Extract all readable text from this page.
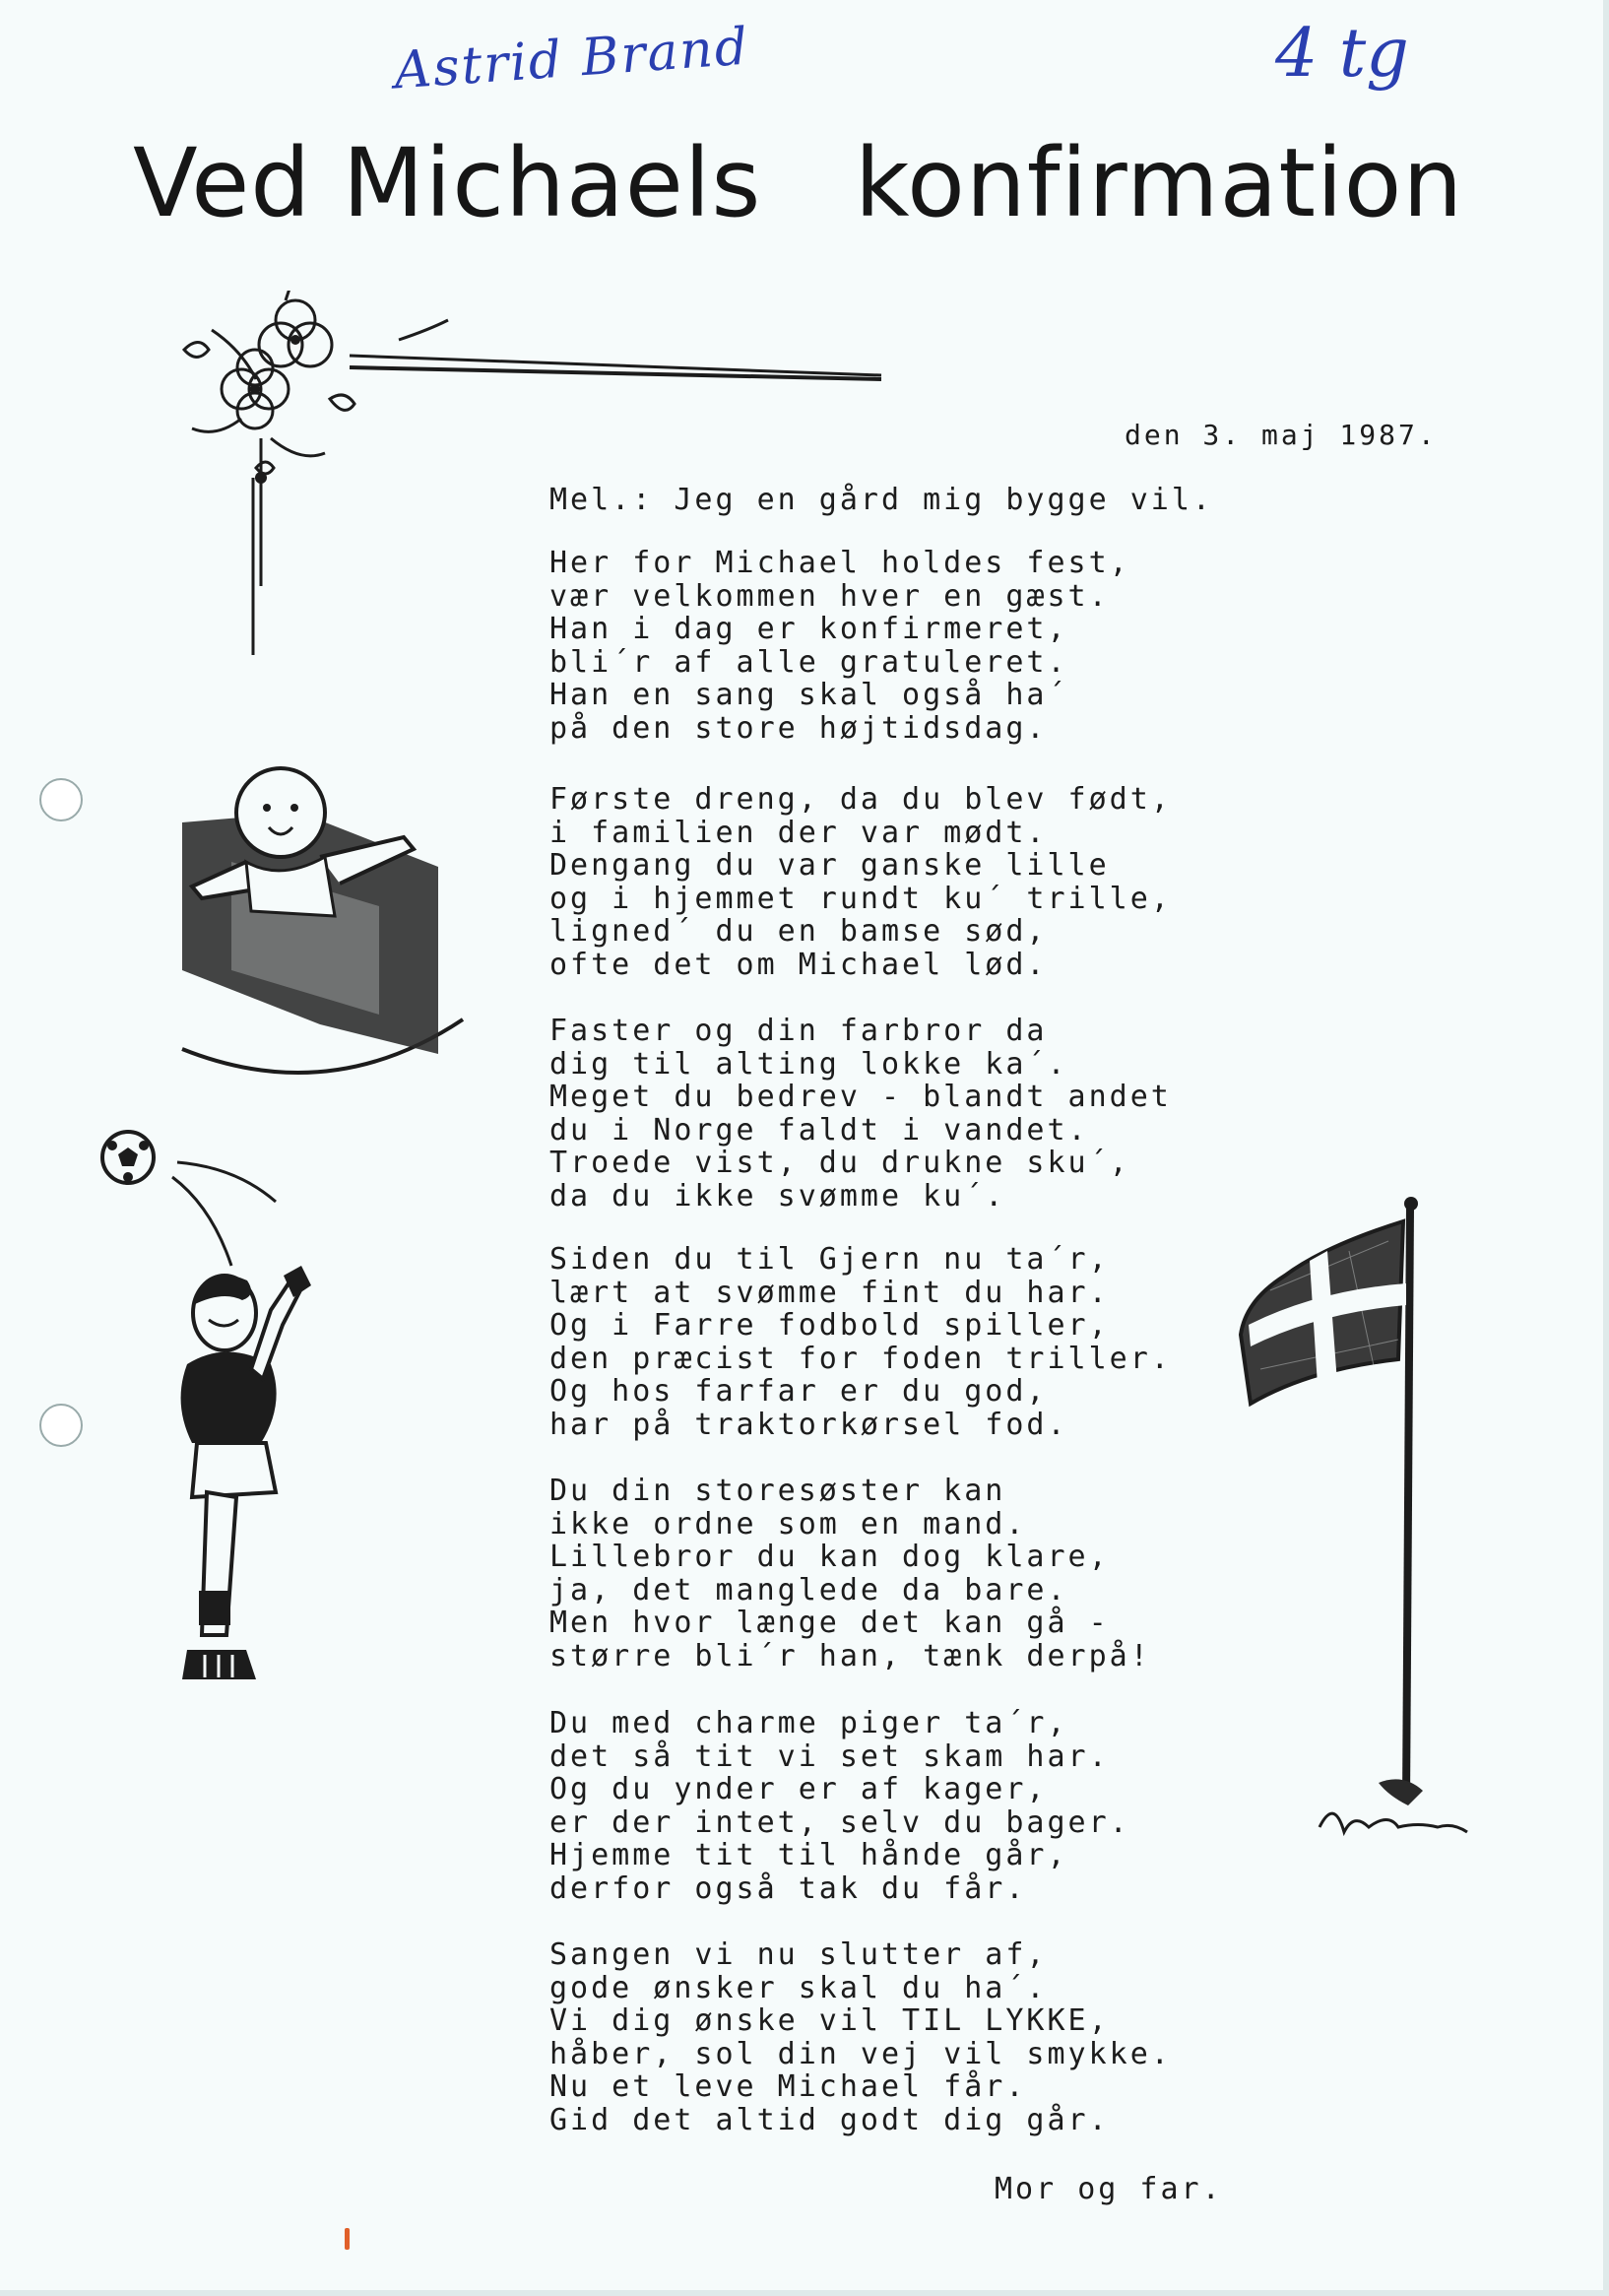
Astrid Brand	4 tg
Ved Michaels   konfirmation
den 3. maj 1987.
Mel.: Jeg en gård mig bygge vil.
Her for Michael holdes fest,
vær velkommen hver en gæst.
Han i dag er konfirmeret,
bli´r af alle gratuleret.
Han en sang skal også ha´
på den store højtidsdag.
Første dreng, da du blev født,
i familien der var mødt.
Dengang du var ganske lille
og i hjemmet rundt ku´ trille,
ligned´ du en bamse sød,
ofte det om Michael lød.
Faster og din farbror da
dig til alting lokke ka´.
Meget du bedrev - blandt andet
du i Norge faldt i vandet.
Troede vist, du drukne sku´,
da du ikke svømme ku´.
Siden du til Gjern nu ta´r,
lært at svømme fint du har.
Og i Farre fodbold spiller,
den præcist for foden triller.
Og hos farfar er du god,
har på traktorkørsel fod.
Du din storesøster kan
ikke ordne som en mand.
Lillebror du kan dog klare,
ja, det manglede da bare.
Men hvor længe det kan gå -
større bli´r han, tænk derpå!
Du med charme piger ta´r,
det så tit vi set skam har.
Og du ynder er af kager,
er der intet, selv du bager.
Hjemme tit til hånde går,
derfor også tak du får.
Sangen vi nu slutter af,
gode ønsker skal du ha´.
Vi dig ønske vil TIL LYKKE,
håber, sol din vej vil smykke.
Nu et leve Michael får.
Gid det altid godt dig går.
Mor og far.
